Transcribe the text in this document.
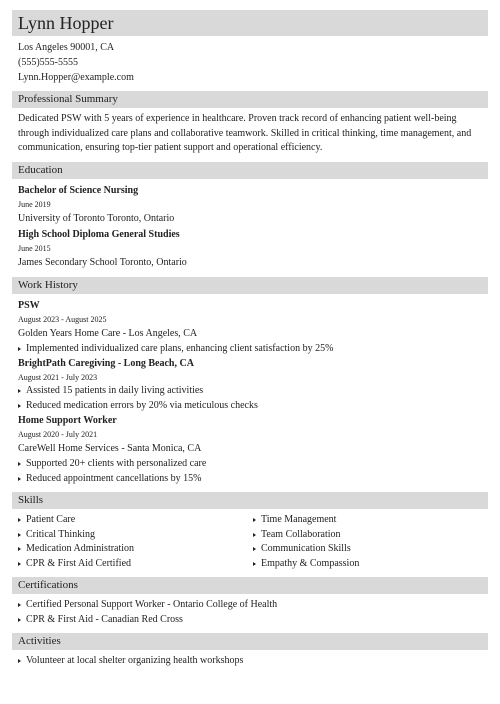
Lynn Hopper
Los Angeles 90001, CA
(555)555-5555
Lynn.Hopper@example.com
Professional Summary
Dedicated PSW with 5 years of experience in healthcare. Proven track record of enhancing patient well-being through individualized care plans and collaborative teamwork. Skilled in critical thinking, time management, and communication, ensuring top-tier patient support and operational efficiency.
Education
Bachelor of Science Nursing
June 2019
University of Toronto Toronto, Ontario
High School Diploma General Studies
June 2015
James Secondary School Toronto, Ontario
Work History
PSW
August 2023 - August 2025
Golden Years Home Care - Los Angeles, CA
Implemented individualized care plans, enhancing client satisfaction by 25%
BrightPath Caregiving - Long Beach, CA
August 2021 - July 2023
Assisted 15 patients in daily living activities
Reduced medication errors by 20% via meticulous checks
Home Support Worker
August 2020 - July 2021
CareWell Home Services - Santa Monica, CA
Supported 20+ clients with personalized care
Reduced appointment cancellations by 15%
Skills
Patient Care
Critical Thinking
Medication Administration
CPR & First Aid Certified
Time Management
Team Collaboration
Communication Skills
Empathy & Compassion
Certifications
Certified Personal Support Worker - Ontario College of Health
CPR & First Aid - Canadian Red Cross
Activities
Volunteer at local shelter organizing health workshops
